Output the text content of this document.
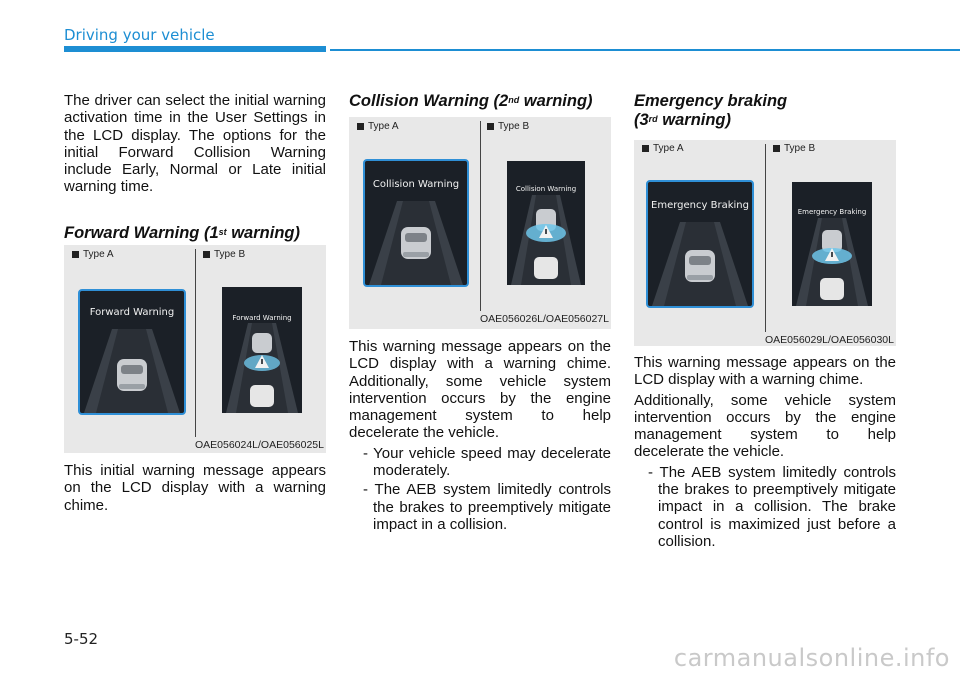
Driving your vehicle

The driver can select the initial warning activation time in the User Settings in the LCD display. The options for the initial Forward Collision Warning include Early, Normal or Late initial warning time.

Forward Warning (1st warning)
Type A	Type B
Forward Warning	Forward Warning
OAE056024L/OAE056025L

This initial warning message appears on the LCD display with a warning chime.

Collision Warning (2nd warning)
Type A	Type B
Collision Warning	Collision Warning
OAE056026L/OAE056027L

This warning message appears on the LCD display with a warning chime. Additionally, some vehicle system intervention occurs by the engine management system to help decelerate the vehicle.

- Your vehicle speed may decelerate moderately.
- The AEB system limitedly controls the brakes to preemptively mitigate impact in a collision.
Emergency braking
(3rd warning)
Type A	Type B
Emergency Braking
Emergency Braking
OAE056029L/OAE056030L

This warning message appears on the LCD display with a warning chime.

Additionally, some vehicle system intervention occurs by the engine management system to help decelerate the vehicle.

- The AEB system limitedly controls the brakes to preemptively mitigate impact in a collision. The brake control is maximized just before a collision.
5-52
carmanualsonline.info
